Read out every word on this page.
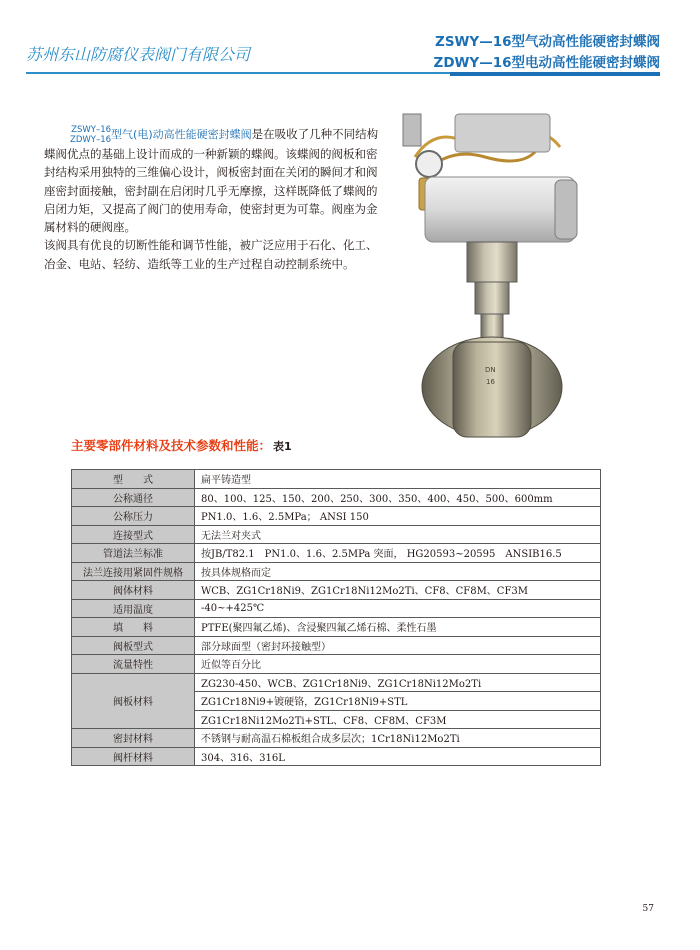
苏州东山防腐仪表阀门有限公司
ZSWY—16型气动高性能硬密封蝶阀
ZDWY—16型电动高性能硬密封蝶阀

ZSWY–16
ZDWY–16 型气(电)动高性能硬密封蝶阀是在吸收了几种不同结构蝶阀优点的基础上设计而成的一种新颖的蝶阀。该蝶阀的阀板和密封结构采用独特的三维偏心设计，阀板密封面在关闭的瞬间才和阀座密封面接触，密封副在启闭时几乎无摩擦，这样既降低了蝶阀的启闭力矩，又提高了阀门的使用寿命，使密封更为可靠。阀座为金属材料的硬阀座。

该阀具有优良的切断性能和调节性能，被广泛应用于石化、化工、冶金、电站、轻纺、造纸等工业的生产过程自动控制系统中。

DN
16
主要零部件材料及技术参数和性能： 表1
型　　式	扁平铸造型
公称通径	80、100、125、150、200、250、300、350、400、450、500、600mm
公称压力	PN1.0、1.6、2.5MPa； ANSI 150
连接型式	无法兰对夹式
管道法兰标准	按JB/T82.1　PN1.0、1.6、2.5MPa 突面， HG20593~20595　ANSIB16.5
法兰连接用紧固件规格	按具体规格而定
阀体材料	WCB、ZG1Cr18Ni9、ZG1Cr18Ni12Mo2Ti、CF8、CF8M、CF3M
适用温度	-40~+425℃
填　　料	PTFE(聚四氟乙烯)、含浸聚四氟乙烯石棉、柔性石墨
阀板型式	部分球面型（密封环接触型）
流量特性	近似等百分比
阀板材料	ZG230-450、WCB、ZG1Cr18Ni9、ZG1Cr18Ni12Mo2Ti
	ZG1Cr18Ni9+镀硬铬，ZG1Cr18Ni9+STL
	ZG1Cr18Ni12Mo2Ti+STL、CF8、CF8M、CF3M
密封材料	不锈钢与耐高温石棉板组合成多层次；1Cr18Ni12Mo2Ti
阀杆材料	304、316、316L
57
